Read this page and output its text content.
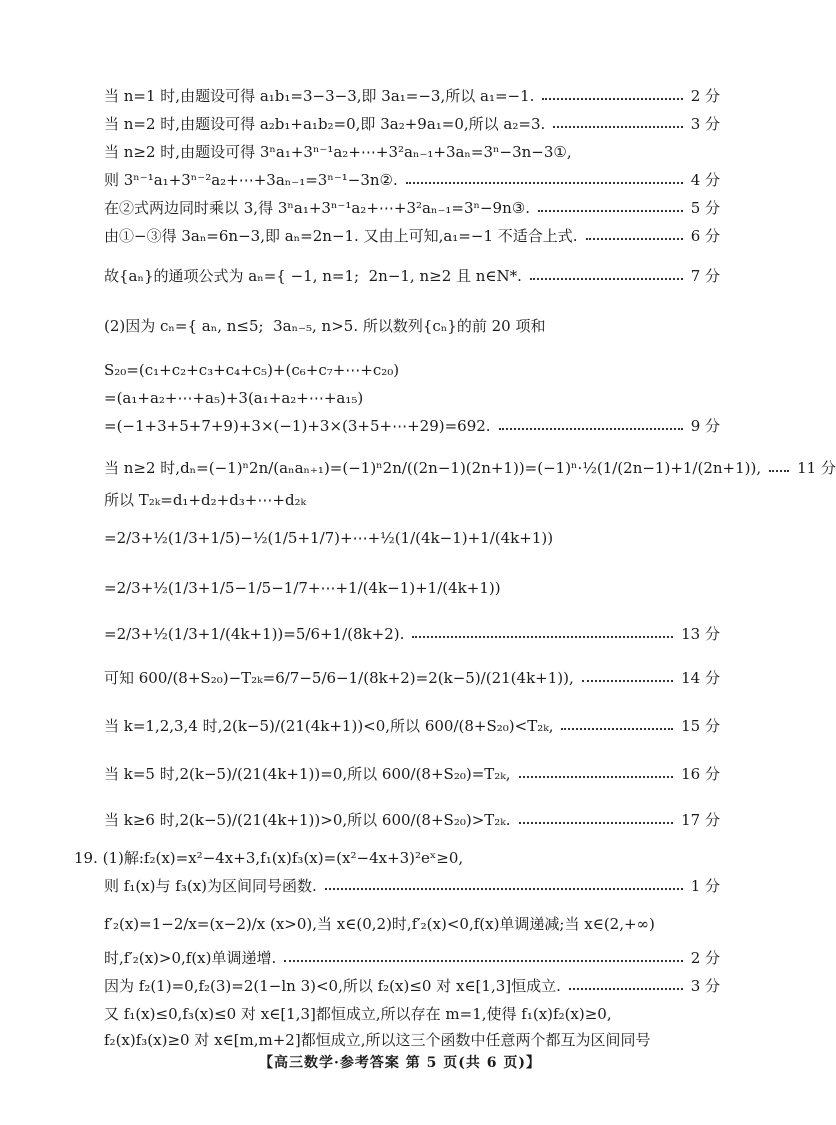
当 n=1 时,由题设可得 a₁b₁=3−3−3,即 3a₁=−3,所以 a₁=−1.	2 分
当 n=2 时,由题设可得 a₂b₁+a₁b₂=0,即 3a₂+9a₁=0,所以 a₂=3.	3 分
当 n≥2 时,由题设可得 3ⁿa₁+3ⁿ⁻¹a₂+⋯+3²aₙ₋₁+3aₙ=3ⁿ−3n−3①,
则 3ⁿ⁻¹a₁+3ⁿ⁻²a₂+⋯+3aₙ₋₁=3ⁿ⁻¹−3n②.	4 分
在②式两边同时乘以 3,得 3ⁿa₁+3ⁿ⁻¹a₂+⋯+3²aₙ₋₁=3ⁿ−9n③.	5 分
由①−③得 3aₙ=6n−3,即 aₙ=2n−1. 又由上可知,a₁=−1 不适合上式.	6 分
故{aₙ}的通项公式为 aₙ={ −1, n=1;  2n−1, n≥2 且 n∈N*.	7 分
(2)因为 cₙ={ aₙ, n≤5;  3aₙ₋₅, n>5. 所以数列{cₙ}的前 20 项和
S₂₀=(c₁+c₂+c₃+c₄+c₅)+(c₆+c₇+⋯+c₂₀)
=(a₁+a₂+⋯+a₅)+3(a₁+a₂+⋯+a₁₅)
=(−1+3+5+7+9)+3×(−1)+3×(3+5+⋯+29)=692.	9 分
当 n≥2 时,dₙ=(−1)ⁿ2n/(aₙaₙ₊₁)=(−1)ⁿ2n/((2n−1)(2n+1))=(−1)ⁿ·½(1/(2n−1)+1/(2n+1)), 11 分
所以 T₂ₖ=d₁+d₂+d₃+⋯+d₂ₖ
=2/3+½(1/3+1/5)−½(1/5+1/7)+⋯+½(1/(4k−1)+1/(4k+1))
=2/3+½(1/3+1/5−1/5−1/7+⋯+1/(4k−1)+1/(4k+1))
=2/3+½(1/3+1/(4k+1))=5/6+1/(8k+2).	13 分
可知 600/(8+S₂₀)−T₂ₖ=6/7−5/6−1/(8k+2)=2(k−5)/(21(4k+1)),	14 分
当 k=1,2,3,4 时,2(k−5)/(21(4k+1))<0,所以 600/(8+S₂₀)<T₂ₖ,	15 分
当 k=5 时,2(k−5)/(21(4k+1))=0,所以 600/(8+S₂₀)=T₂ₖ,	16 分
当 k≥6 时,2(k−5)/(21(4k+1))>0,所以 600/(8+S₂₀)>T₂ₖ.	17 分
19. (1)解:f₂(x)=x²−4x+3,f₁(x)f₃(x)=(x²−4x+3)²eˣ≥0,
则 f₁(x)与 f₃(x)为区间同号函数.	1 分
f′₂(x)=1−2/x=(x−2)/x (x>0),当 x∈(0,2)时,f′₂(x)<0,f(x)单调递减;当 x∈(2,+∞)
时,f′₂(x)>0,f(x)单调递增.	2 分
因为 f₂(1)=0,f₂(3)=2(1−ln 3)<0,所以 f₂(x)≤0 对 x∈[1,3]恒成立.	3 分
又 f₁(x)≤0,f₃(x)≤0 对 x∈[1,3]都恒成立,所以存在 m=1,使得 f₁(x)f₂(x)≥0,
f₂(x)f₃(x)≥0 对 x∈[m,m+2]都恒成立,所以这三个函数中任意两个都互为区间同号
【高三数学·参考答案 第 5 页(共 6 页)】
